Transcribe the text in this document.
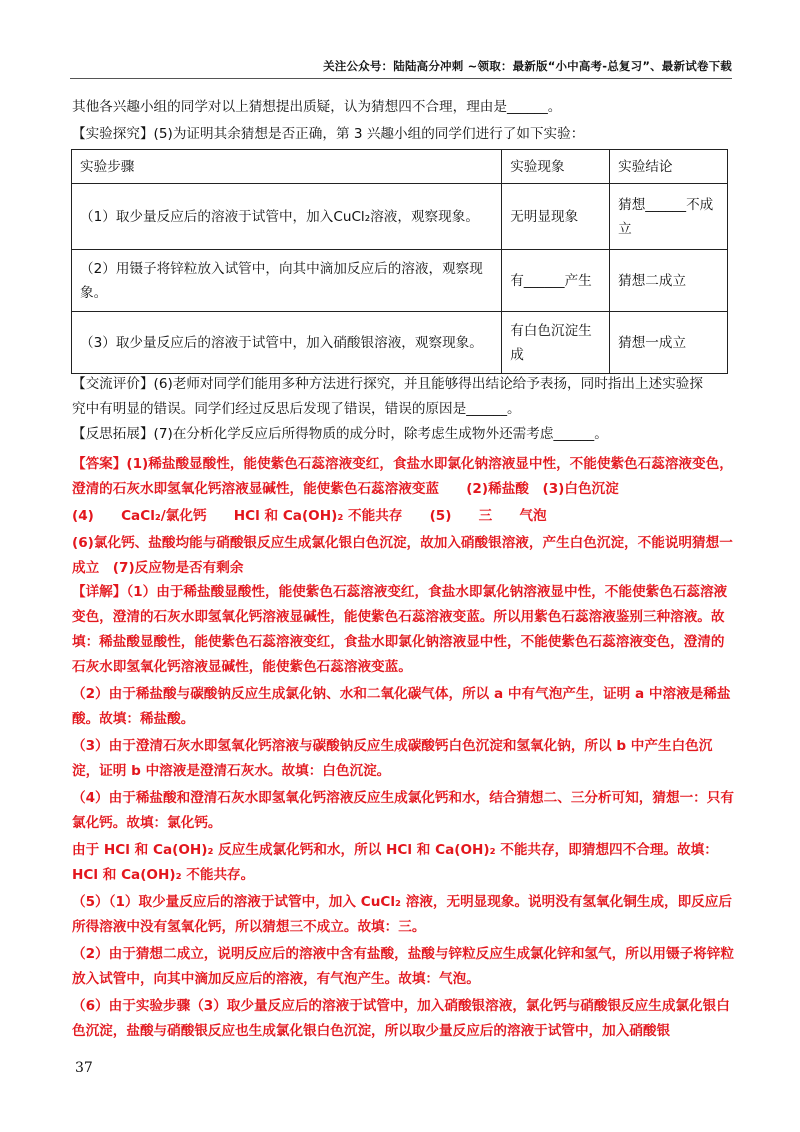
关注公众号：陆陆高分冲刺 ~领取：最新版“小中高考-总复习”、最新试卷下载
其他各兴趣小组的同学对以上猜想提出质疑，认为猜想四不合理，理由是______。
【实验探究】(5)为证明其余猜想是否正确，第 3 兴趣小组的同学们进行了如下实验：
实验步骤	实验现象	实验结论
（1）取少量反应后的溶液于试管中，加入CuCl₂溶液，观察现象。	无明显现象	猜想______不成立
（2）用镊子将锌粒放入试管中，向其中滴加反应后的溶液，观察现象。	有______产生	猜想二成立
（3）取少量反应后的溶液于试管中，加入硝酸银溶液，观察现象。	有白色沉淀生成	猜想一成立
【交流评价】(6)老师对同学们能用多种方法进行探究，并且能够得出结论给予表扬，同时指出上述实验探
究中有明显的错误。同学们经过反思后发现了错误，错误的原因是______。
【反思拓展】(7)在分析化学反应后所得物质的成分时，除考虑生成物外还需考虑______。

【答案】(1)稀盐酸显酸性，能使紫色石蕊溶液变红，食盐水即氯化钠溶液显中性，不能使紫色石蕊溶液变色，澄清的石灰水即氢氧化钙溶液显碱性，能使紫色石蕊溶液变蓝　　(2)稀盐酸　(3)白色沉淀

(4)　　CaCl₂/氯化钙　　HCl 和 Ca(OH)₂ 不能共存　　(5)　　三　　气泡

(6)氯化钙、盐酸均能与硝酸银反应生成氯化银白色沉淀，故加入硝酸银溶液，产生白色沉淀，不能说明猜想一成立　(7)反应物是否有剩余

【详解】（1）由于稀盐酸显酸性，能使紫色石蕊溶液变红，食盐水即氯化钠溶液显中性，不能使紫色石蕊溶液变色，澄清的石灰水即氢氧化钙溶液显碱性，能使紫色石蕊溶液变蓝。所以用紫色石蕊溶液鉴别三种溶液。故填：稀盐酸显酸性，能使紫色石蕊溶液变红，食盐水即氯化钠溶液显中性，不能使紫色石蕊溶液变色，澄清的石灰水即氢氧化钙溶液显碱性，能使紫色石蕊溶液变蓝。

（2）由于稀盐酸与碳酸钠反应生成氯化钠、水和二氧化碳气体，所以 a 中有气泡产生，证明 a 中溶液是稀盐酸。故填：稀盐酸。

（3）由于澄清石灰水即氢氧化钙溶液与碳酸钠反应生成碳酸钙白色沉淀和氢氧化钠，所以 b 中产生白色沉淀，证明 b 中溶液是澄清石灰水。故填：白色沉淀。

（4）由于稀盐酸和澄清石灰水即氢氧化钙溶液反应生成氯化钙和水，结合猜想二、三分析可知，猜想一：只有氯化钙。故填：氯化钙。

由于 HCl 和 Ca(OH)₂ 反应生成氯化钙和水，所以 HCl 和 Ca(OH)₂ 不能共存，即猜想四不合理。故填：HCl 和 Ca(OH)₂ 不能共存。

（5）（1）取少量反应后的溶液于试管中，加入 CuCl₂ 溶液，无明显现象。说明没有氢氧化铜生成，即反应后所得溶液中没有氢氧化钙，所以猜想三不成立。故填：三。

（2）由于猜想二成立，说明反应后的溶液中含有盐酸，盐酸与锌粒反应生成氯化锌和氢气，所以用镊子将锌粒放入试管中，向其中滴加反应后的溶液，有气泡产生。故填：气泡。

（6）由于实验步骤（3）取少量反应后的溶液于试管中，加入硝酸银溶液，氯化钙与硝酸银反应生成氯化银白色沉淀，盐酸与硝酸银反应也生成氯化银白色沉淀，所以取少量反应后的溶液于试管中，加入硝酸银

37
